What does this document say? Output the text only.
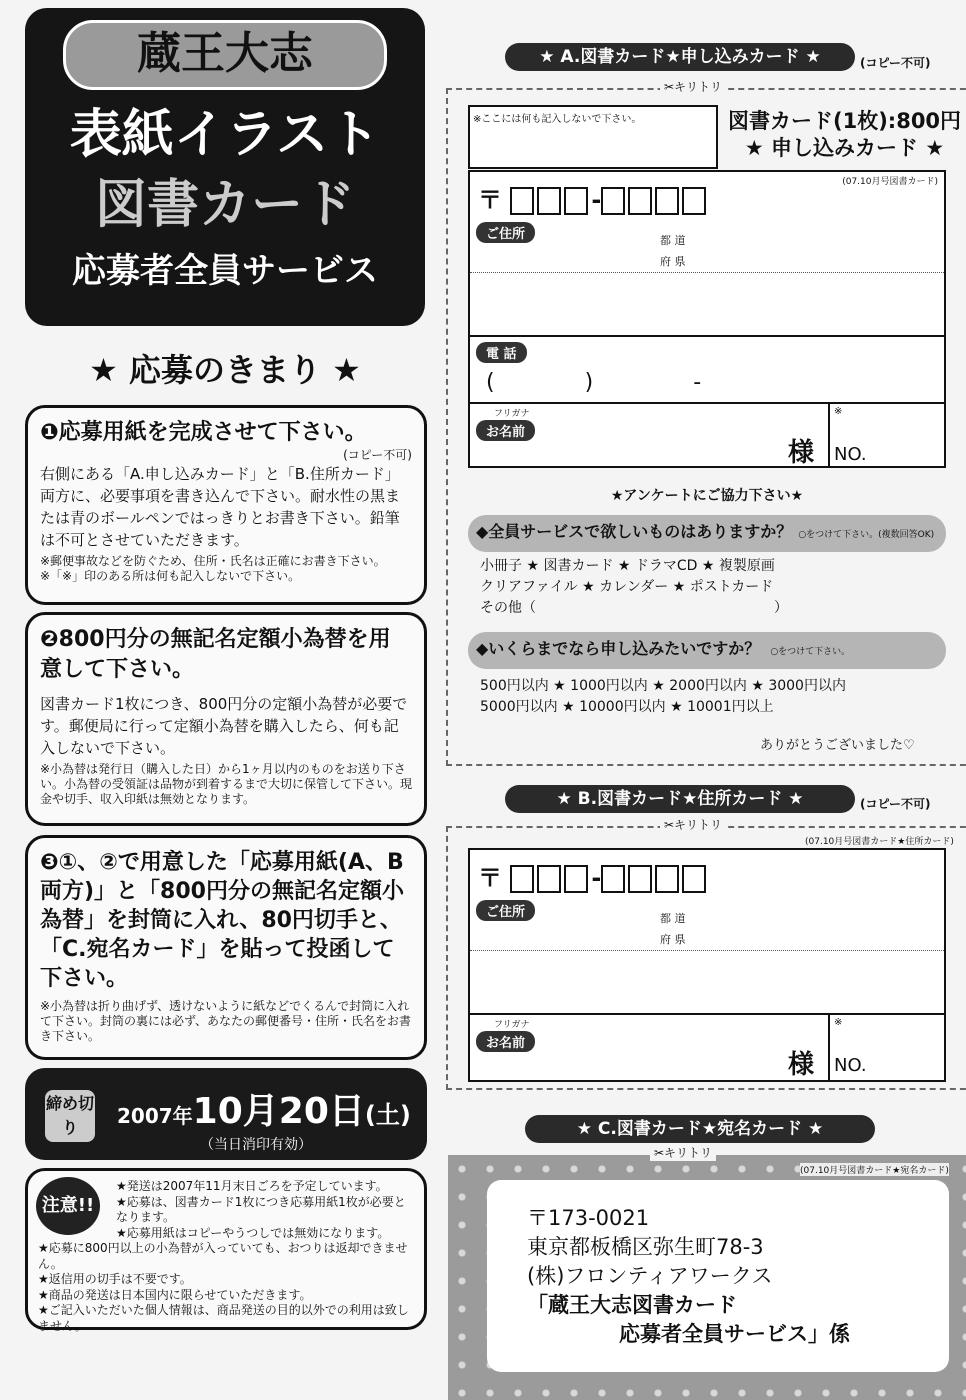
蔵王大志
表紙イラスト
図書カード
応募者全員サービス
★ 応募のきまり ★
❶応募用紙を完成させて下さい。
(コピー不可)
右側にある「A.申し込みカード」と「B.住所カード」両方に、必要事項を書き込んで下さい。耐水性の黒または青のボールペンではっきりとお書き下さい。鉛筆は不可とさせていただきます。
※郵便事故などを防ぐため、住所・氏名は正確にお書き下さい。
※「※」印のある所は何も記入しないで下さい。
❷800円分の無記名定額小為替を用意して下さい。
図書カード1枚につき、800円分の定額小為替が必要です。郵便局に行って定額小為替を購入したら、何も記入しないで下さい。
※小為替は発行日（購入した日）から1ヶ月以内のものをお送り下さい。小為替の受領証は品物が到着するまで大切に保管して下さい。現金や切手、収入印紙は無効となります。
❸①、②で用意した「応募用紙(A、B両方)」と「800円分の無記名定額小為替」を封筒に入れ、80円切手と、「C.宛名カード」を貼って投函して下さい。
※小為替は折り曲げず、透けないように紙などでくるんで封筒に入れて下さい。封筒の裏には必ず、あなたの郵便番号・住所・氏名をお書き下さい。
締め切り	2007年10月20日(土)
（当日消印有効）
注意!!
★発送は2007年11月末日ごろを予定しています。
★応募は、図書カード1枚につき応募用紙1枚が必要となります。
★応募用紙はコピーやうつしでは無効になります。
★応募に800円以上の小為替が入っていても、おつりは返却できません。
★返信用の切手は不要です。
★商品の発送は日本国内に限らせていただきます。
★ご記入いただいた個人情報は、商品発送の目的以外での利用は致しません。
★ A.図書カード★申し込みカード ★	(コピー不可)
✂キリトリ
※ここには何も記入しないで下さい。	図書カード(1枚):800円
★ 申し込みカード ★
(07.10月号図書カード)
〒	-
ご住所	都 道
府 県
電 話
(	)	-
フリガナ
お名前
様
※
NO.
★アンケートにご協力下さい★
◆全員サービスで欲しいものはありますか？ ○をつけて下さい。(複数回答OK)
小冊子 ★ 図書カード ★ ドラマCD ★ 複製原画
クリアファイル ★ カレンダー ★ ポストカード
その他（　　　　　　　　　　　　　　　　　）
◆いくらまでなら申し込みたいですか？ ○をつけて下さい。
500円以内 ★ 1000円以内 ★ 2000円以内 ★ 3000円以内
5000円以内 ★ 10000円以内 ★ 10001円以上
ありがとうございました♡
★ B.図書カード★住所カード ★	(コピー不可)
✂キリトリ
(07.10月号図書カード★住所カード)
〒	-
ご住所	都 道
府 県
フリガナ
お名前
様
※
NO.
★ C.図書カード★宛名カード ★
✂キリトリ
(07.10月号図書カード★宛名カード)
〒173-0021
東京都板橋区弥生町78-3
(株)フロンティアワークス
「蔵王大志図書カード
応募者全員サービス」係
